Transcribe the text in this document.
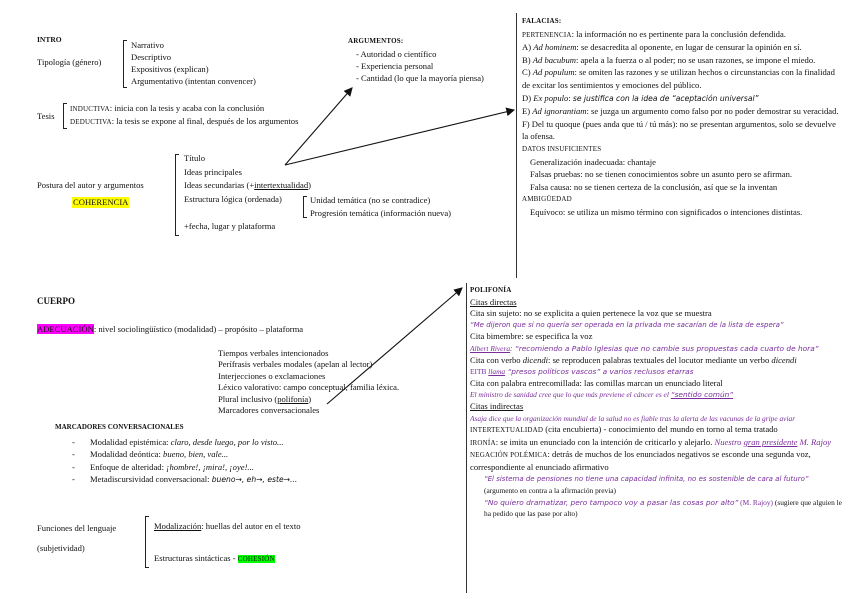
INTRO
Tipología (género)
Narrativo
Descriptivo
Expositivos (explican)
Argumentativo (intentan convencer)
Tesis
INDUCTIVA: inicia con la tesis y acaba con la conclusión
DEDUCTIVA: la tesis se expone al final, después de los argumentos
Postura del autor y argumentos
COHERENCIA
Título
Ideas principales
Ideas secundarias (+intertextualidad)
Estructura lógica (ordenada)	Unidad temática (no se contradice)
Progresión temática (información nueva)
+fecha, lugar y plataforma
ARGUMENTOS:
- Autoridad o científico
- Experiencia personal
- Cantidad (lo que la mayoría piensa)
FALACIAS:
PERTENENCIA: la información no es pertinente para la conclusión defendida.
A) Ad hominem: se desacredita al oponente, en lugar de censurar la opinión en sí.
B) Ad bacubum: apela a la fuerza o al poder; no se usan razones, se impone el miedo.
C) Ad populum: se omiten las razones y se utilizan hechos o circunstancias con la finalidad de excitar los sentimientos y emociones del público.
D) Ex populo: se justifica con la idea de “aceptación universal”
E) Ad ignorantiam: se juzga un argumento como falso por no poder demostrar su veracidad.
F) Del tu quoque (pues anda que tú / tú más): no se presentan argumentos, solo se devuelve la ofensa.
DATOS INSUFICIENTES
Generalización inadecuada: chantaje
Falsas pruebas: no se tienen conocimientos sobre un asunto pero se afirman.
Falsa causa: no se tienen certeza de la conclusión, así que se la inventan
AMBIGÜEDAD
Equívoco: se utiliza un mismo término con significados o intenciones distintas.
CUERPO
ADECUACIÓN: nivel sociolingüístico (modalidad) – propósito – plataforma
Tiempos verbales intencionados
Perífrasis verbales modales (apelan al lector)
Interjecciones o exclamaciones
Léxico valorativo: campo conceptual, familia léxica.
Plural inclusivo (polifonía)
Marcadores conversacionales
MARCADORES CONVERSACIONALES
- Modalidad epistémica: claro, desde luego, por lo visto...
- Modalidad deóntica: bueno, bien, vale...
- Enfoque de alteridad: ¡hombre!, ¡mira!, ¡oye!...
- Metadiscursividad conversacional: bueno→, eh→, este→...
Funciones del lenguaje
(subjetividad)
Modalización: huellas del autor en el texto
Estructuras sintácticas - COHESIÓN
POLIFONÍA
Citas directas
Cita sin sujeto: no se explicita a quien pertenece la voz que se muestra
“Me dijeron que si no quería ser operada en la privada me sacarían de la lista de espera”
Cita bimembre: se especifica la voz
Albert Rivera: “recomiendo a Pablo Iglesias que no cambie sus propuestas cada cuarto de hora”
Cita con verbo dicendi: se reproducen palabras textuales del locutor mediante un verbo dicendi
EITB llama “presos políticos vascos” a varios reclusos etarras
Cita con palabra entrecomillada: las comillas marcan un enunciado literal
El ministro de sanidad cree que lo que más previene el cáncer es el “sentido común”
Citas indirectas
Asaja dice que la organización mundial de la salud no es fiable tras la alerta de las vacunas de la gripe aviar
INTERTEXTUALIDAD (cita encubierta) - conocimiento del mundo en torno al tema tratado
IRONÍA: se imita un enunciado con la intención de criticarlo y alejarlo. Nuestro gran presidente M. Rajoy
NEGACIÓN POLÉMICA: detrás de muchos de los enunciados negativos se esconde una segunda voz, correspondiente al enunciado afirmativo
“El sistema de pensiones no tiene una capacidad infinita, no es sostenible de cara al futuro”
(argumento en contra a la afirmación previa)
“No quiero dramatizar, pero tampoco voy a pasar las cosas por alto” (M. Rajoy) (sugiere que alguien le ha pedido que las pase por alto)
